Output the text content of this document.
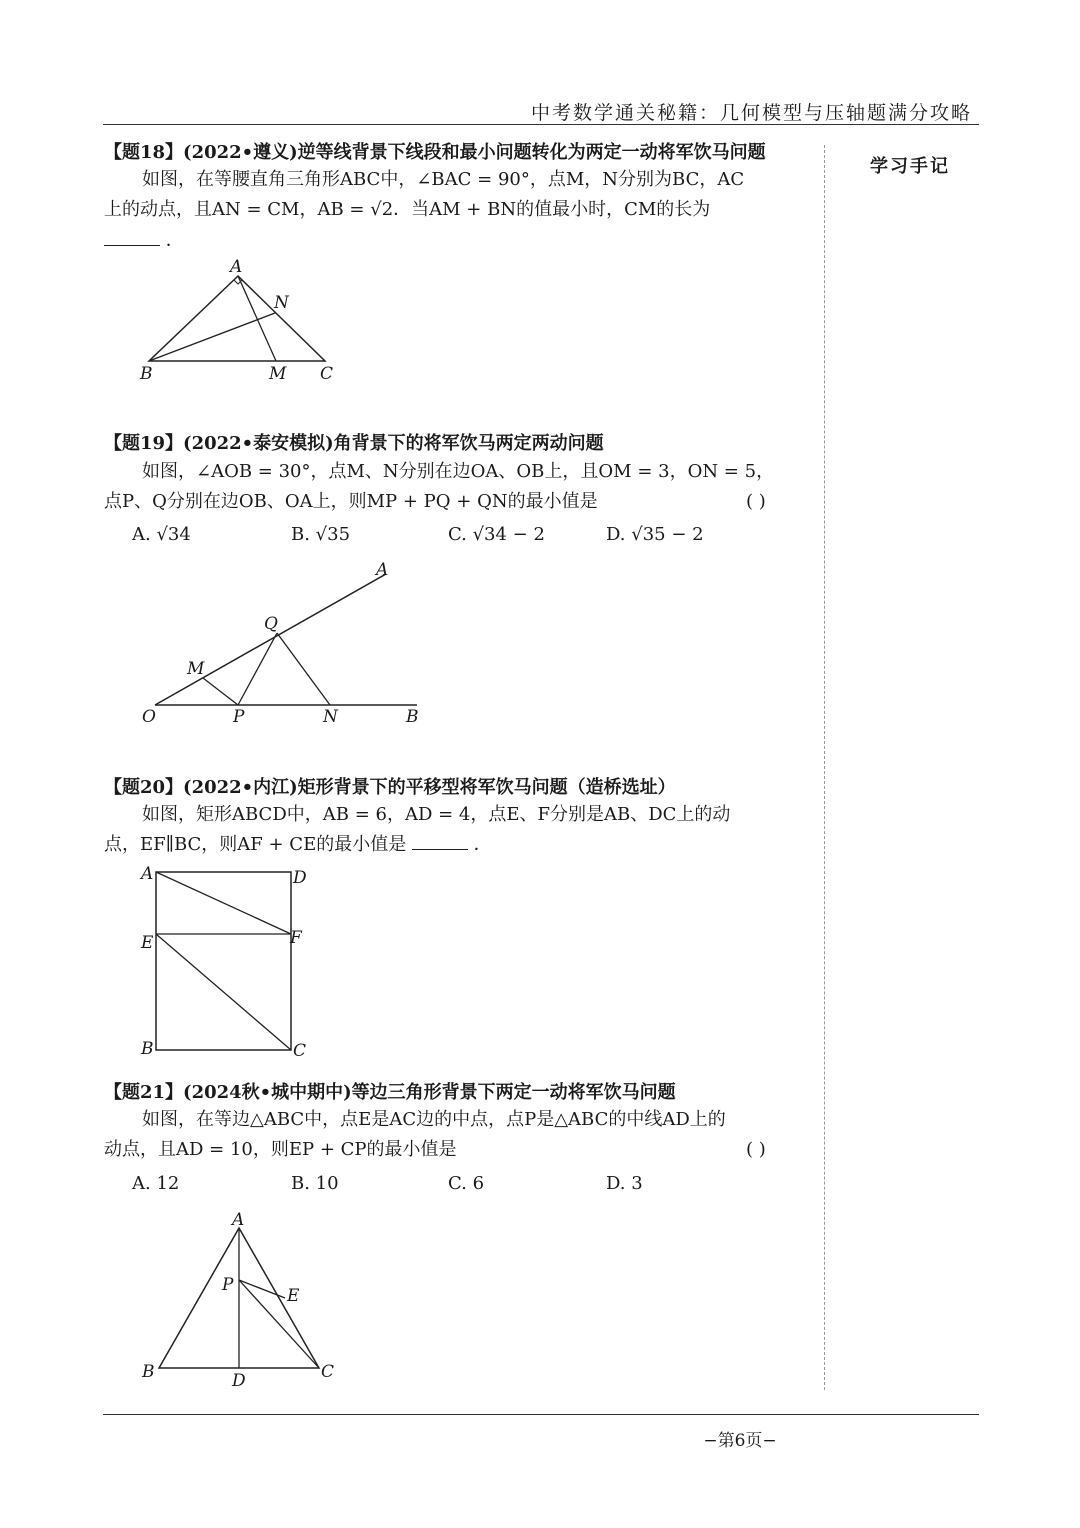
中考数学通关秘籍：几何模型与压轴题满分攻略
学习手记
【题18】(2022•遵义)逆等线背景下线段和最小问题转化为两定一动将军饮马问题
如图，在等腰直角三角形ABC中，∠BAC = 90°，点M，N分别为BC，AC
上的动点，且AN = CM，AB = √2．当AM + BN的值最小时，CM的长为
．
A
N
B	M C
【题19】(2022•泰安模拟)角背景下的将军饮马两定两动问题
如图，∠AOB = 30°，点M、N分别在边OA、OB上，且OM = 3，ON = 5，
点P、Q分别在边OB、OA上，则MP + PQ + QN的最小值是	( )
A. √34	B. √35	C. √34 − 2	D. √35 − 2
A
Q
M
O	P	N	B
【题20】(2022•内江)矩形背景下的平移型将军饮马问题（造桥选址）
如图，矩形ABCD中，AB = 6，AD = 4，点E、F分别是AB、DC上的动
点，EF∥BC，则AF + CE的最小值是	．
A	D
E	F
B	C
【题21】(2024秋•城中期中)等边三角形背景下两定一动将军饮马问题
如图，在等边△ABC中，点E是AC边的中点，点P是△ABC的中线AD上的
动点，且AD = 10，则EP + CP的最小值是	( )
A. 12	B. 10	C. 6	D. 3
A
P
E
B	D	C
−第6页−
